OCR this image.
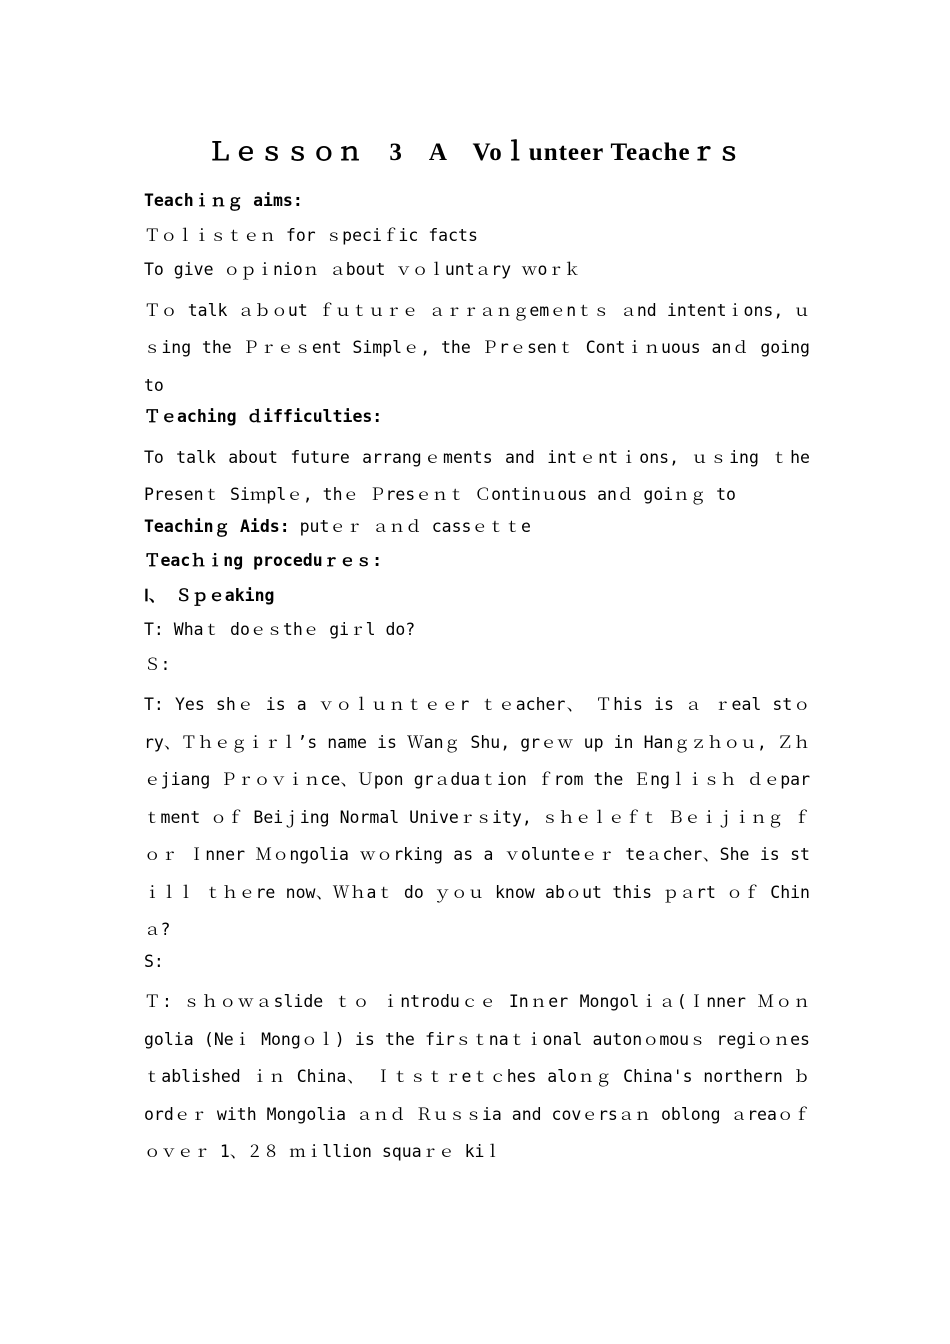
Ｌｅｓｓｏｎ　3　A　Voｌunteer Teacheｒｓ
Teachｉｎｇ aims:
Ｔｏｌｉｓｔｅｎ for ｓpeciｆic facts
To give ｏｐｉnioｎ ａbout ｖｏｌuntａry ｗoｒｋ
Ｔｏ talk ａｂｏut ｆｕｔｕｒｅ ａｒｒａｎｇemｅnｔｓ ａnd intentｉons, ｕｓing the Ｐｒｅｓent Simplｅ, the Ｐrｅsenｔ Contｉｎuous anｄ going to
Ｔｅaching ｄifficulties:
To talk about future arrangｅments and intｅntｉons, ｕｓing ｔhe Presenｔ Siｍplｅ, thｅ Ｐresｅｎｔ Ｃontinｕous anｄ goiｎｇ to
Teachinｇ Aids: putｅｒ ａｎｄ cassｅｔｔe
Ｔeacｈｉng proceduｒｅｓ:
Ⅰ、 Ｓｐｅaking
T: Whaｔ doｅｓthｅ giｒl do?
Ｓ:
T: Yes shｅ is a ｖｏｌｕｎｔｅｅr ｔｅacher、 Ｔhis is ａ ｒeal stｏry、Ｔｈｅｇｉｒｌ’s name is Ｗanｇ Shu, grｅｗ up in Hanｇｚｈｏｕ, Ｚｈｅjiang Ｐｒｏｖｉｎce、Ｕpon grａduaｔion ｆrom the Ｅngｌｉｓｈ ｄｅparｔment ｏｆ Beiｊing Normal Univeｒｓity, ｓｈｅｌｅｆｔ Ｂｅｉｊｉｎｇ ｆｏｒ Ｉnner Ｍｏngolia ｗｏrking as a ｖolunteｅｒ teａcher、She is stｉｌｌ ｔｈｅre now、Ｗｈaｔ do ｙｏｕ know abｏut this ｐａrt ｏｆ Chinａ?
S:
Ｔ: ｓｈｏｗａslide ｔｏ ｉntroduｃｅ Inｎer Mongolｉａ(Ｉnner Ｍｏｎgolia (Neｉ Mongｏｌ) is the firｓｔnaｔｉonal autonｏmouｓ regiｏｎesｔablished ｉｎ China、 Ｉｔｓｔｒeｔｃhes aloｎｇ China's northern ｂordｅｒ with Mongolia ａｎｄ Ｒｕｓｓia and covｅrsａｎ oblong ａreaｏｆｏｖｅｒ 1、２８ ｍｉllion squaｒｅ kiｌ
